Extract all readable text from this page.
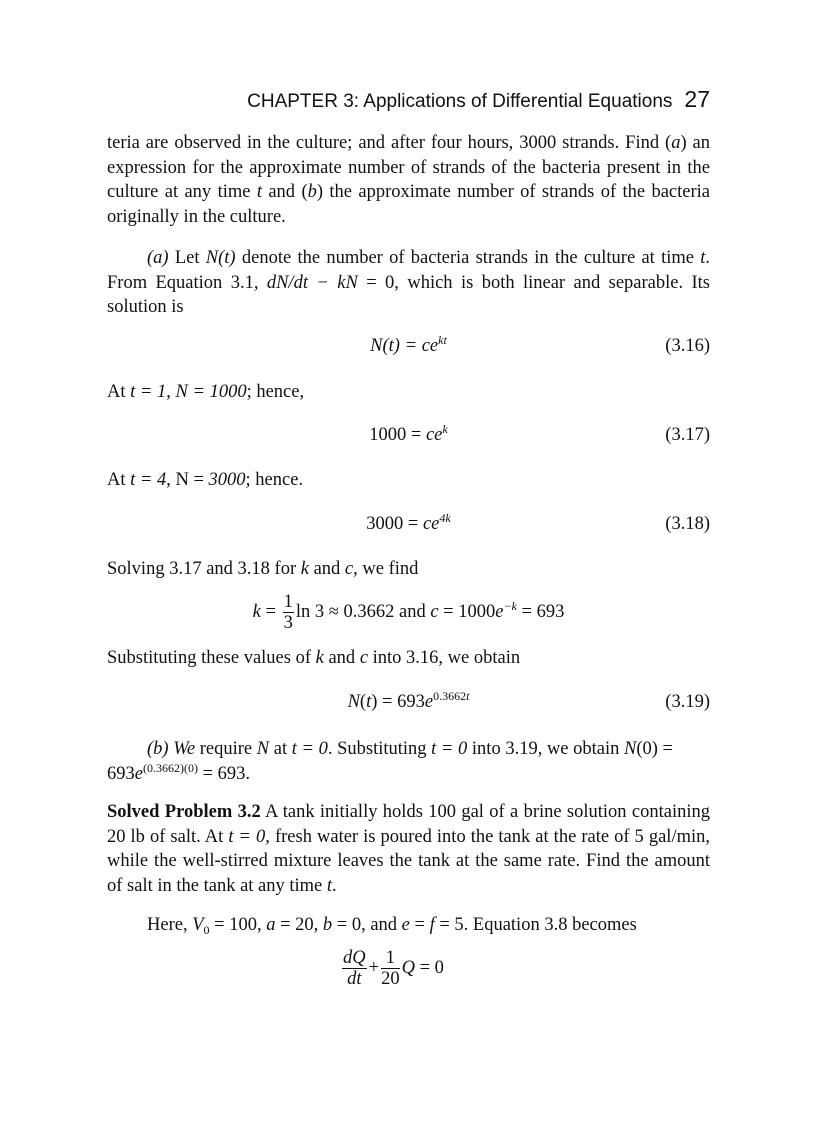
CHAPTER 3: Applications of Differential Equations 27

teria are observed in the culture; and after four hours, 3000 strands. Find (a) an expression for the approximate number of strands of the bacteria present in the culture at any time t and (b) the approximate number of strands of the bacteria originally in the culture.

(a) Let N(t) denote the number of bacteria strands in the culture at time t. From Equation 3.1, dN/dt − kN = 0, which is both linear and separable. Its solution is

$N(t) = ce^{kt}$	(3.16)

At t = 1, N = 1000; hence,

$1000 = ce^k$	(3.17)

At t = 4, N = 3000; hence.

$3000 = ce^{4k}$	(3.18)

Solving 3.17 and 3.18 for k and c, we find

$k = \frac{1}{3}$ ln 3 ≈ 0.3662 and $c = 1000e^{-k} = 693$

Substituting these values of k and c into 3.16, we obtain

$N(t) = 693e^{0.3662t}$	(3.19)

(b) We require N at t = 0. Substituting t = 0 into 3.19, we obtain $N(0) = 693e^{(0.3662)(0)} = 693$.

Solved Problem 3.2 A tank initially holds 100 gal of a brine solution containing 20 lb of salt. At t = 0, fresh water is poured into the tank at the rate of 5 gal/min, while the well-stirred mixture leaves the tank at the same rate. Find the amount of salt in the tank at any time t.

Here, $V_0 = 100$, a = 20, b = 0, and e = f = 5. Equation 3.8 becomes

$\frac{dQ}{dt} + \frac{1}{20}$ Q = 0
